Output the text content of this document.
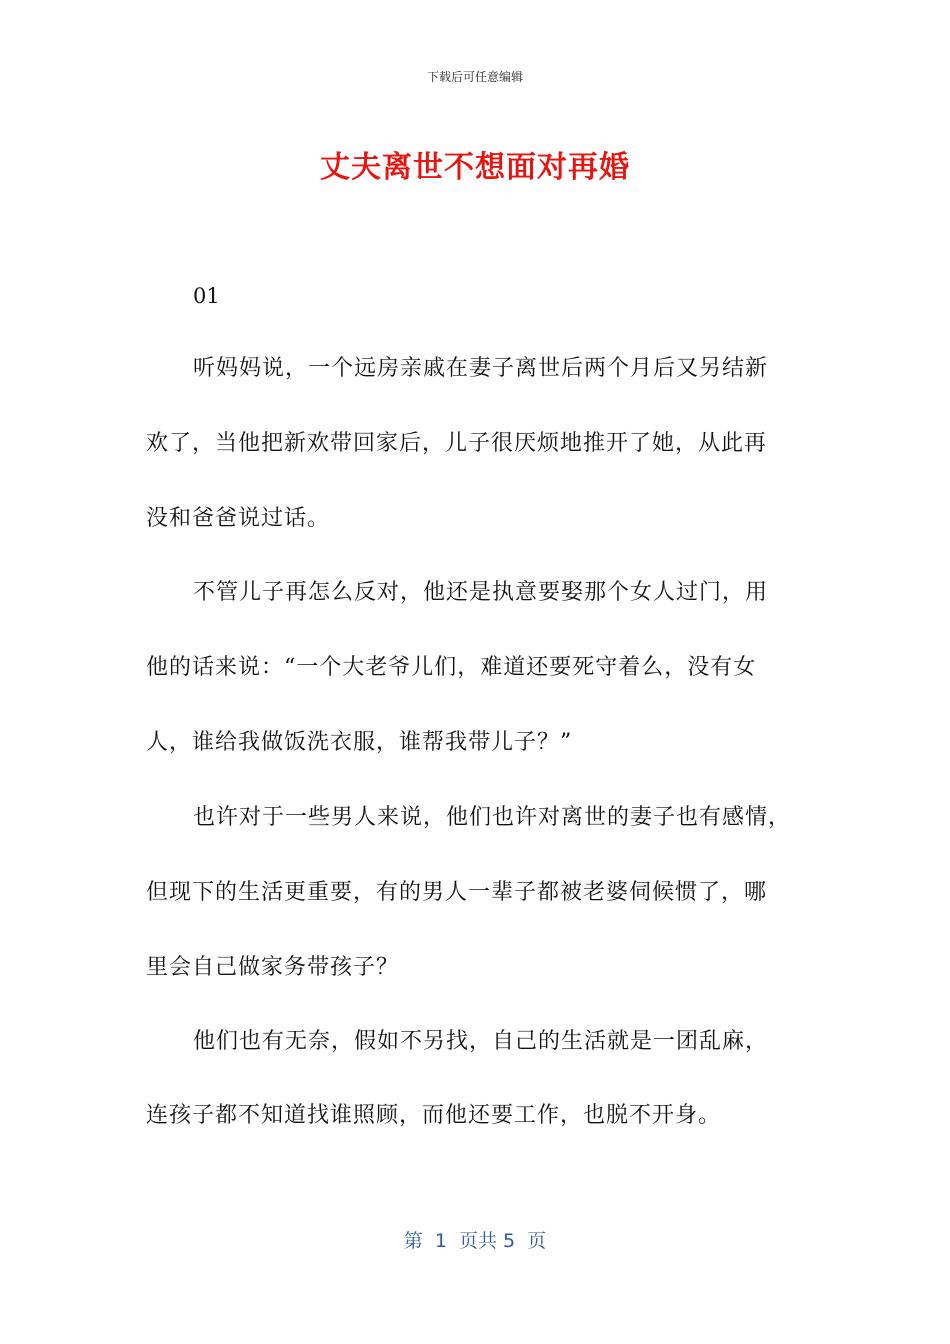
下载后可任意编辑
丈夫离世不想面对再婚
01
听妈妈说，一个远房亲戚在妻子离世后两个月后又另结新
欢了，当他把新欢带回家后，儿子很厌烦地推开了她，从此再
没和爸爸说过话。
不管儿子再怎么反对，他还是执意要娶那个女人过门，用
他的话来说：“一个大老爷儿们，难道还要死守着么，没有女
人，谁给我做饭洗衣服，谁帮我带儿子？”
也许对于一些男人来说，他们也许对离世的妻子也有感情，
但现下的生活更重要，有的男人一辈子都被老婆伺候惯了，哪
里会自己做家务带孩子？
他们也有无奈，假如不另找，自己的生活就是一团乱麻，
连孩子都不知道找谁照顾，而他还要工作，也脱不开身。
第  1  页共 5  页
